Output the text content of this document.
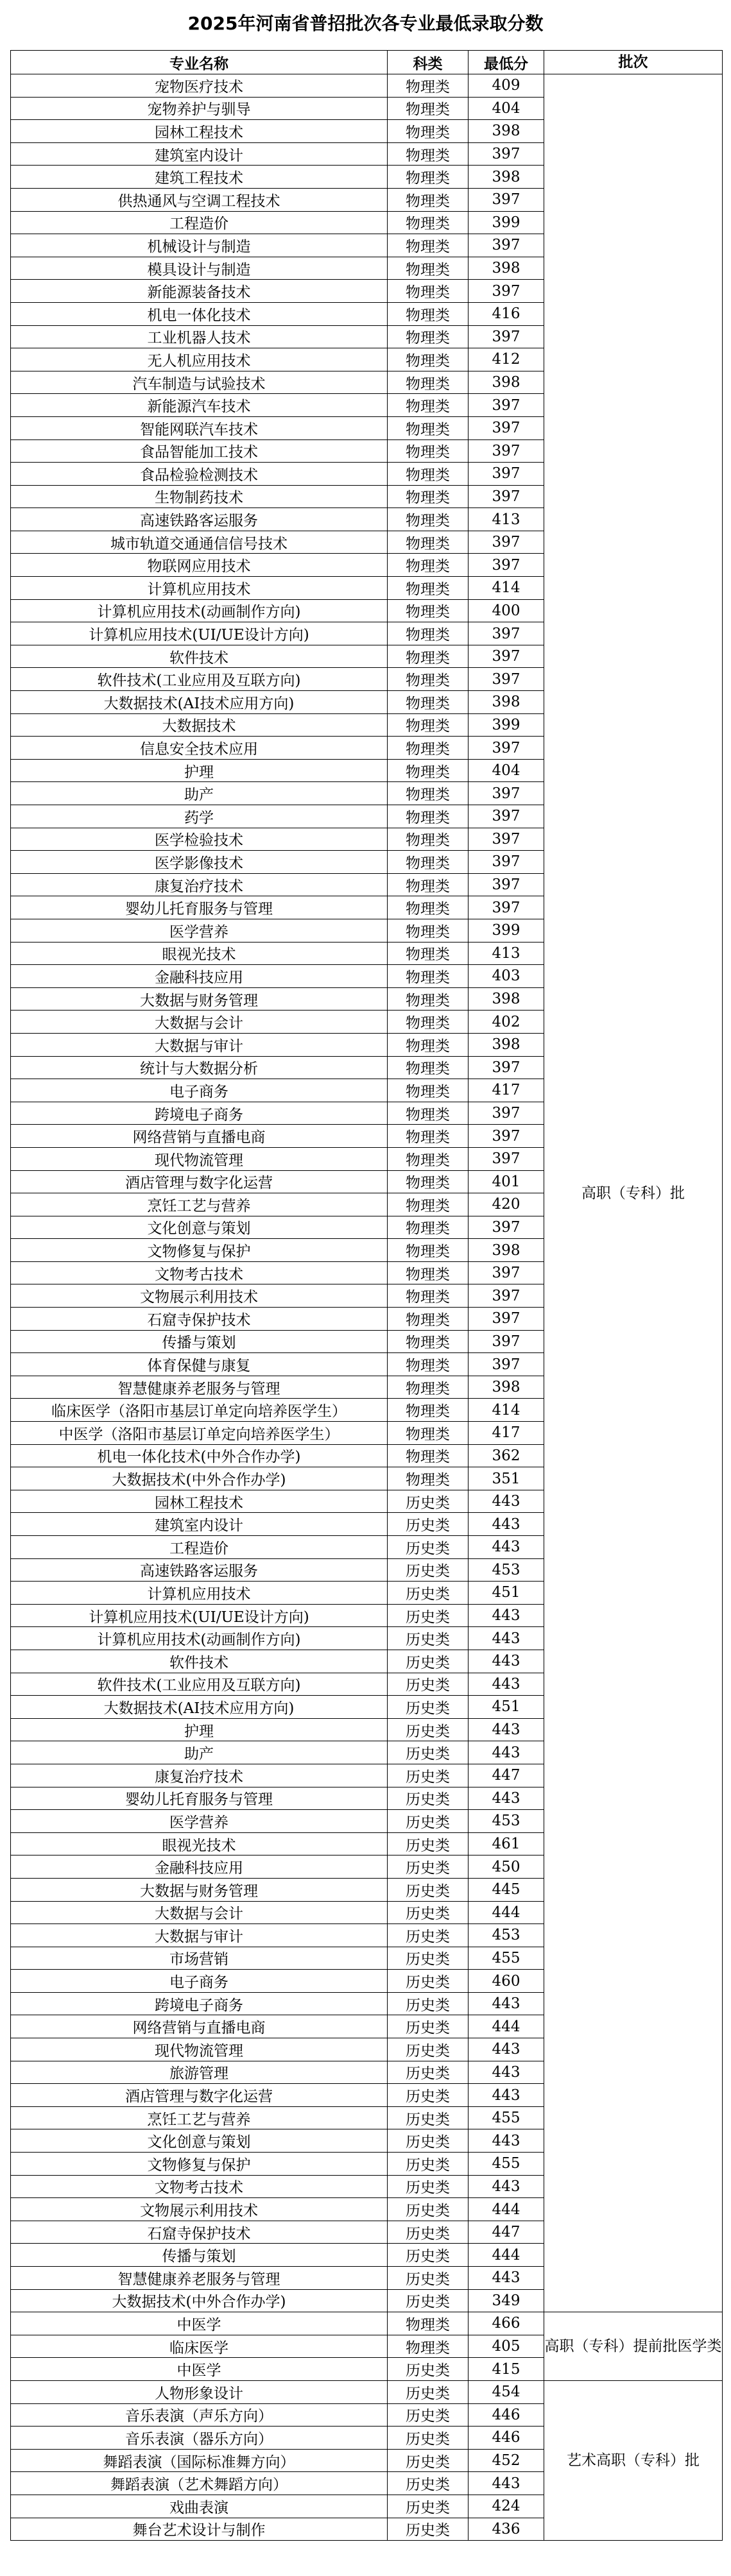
2025年河南省普招批次各专业最低录取分数
专业名称	科类	最低分	批次
宠物医疗技术	物理类	409	高职（专科）批
宠物养护与驯导	物理类	404	
园林工程技术	物理类	398	
建筑室内设计	物理类	397	
建筑工程技术	物理类	398	
供热通风与空调工程技术	物理类	397	
工程造价	物理类	399	
机械设计与制造	物理类	397	
模具设计与制造	物理类	398	
新能源装备技术	物理类	397	
机电一体化技术	物理类	416	
工业机器人技术	物理类	397	
无人机应用技术	物理类	412	
汽车制造与试验技术	物理类	398	
新能源汽车技术	物理类	397	
智能网联汽车技术	物理类	397	
食品智能加工技术	物理类	397	
食品检验检测技术	物理类	397	
生物制药技术	物理类	397	
高速铁路客运服务	物理类	413	
城市轨道交通通信信号技术	物理类	397	
物联网应用技术	物理类	397	
计算机应用技术	物理类	414	
计算机应用技术(动画制作方向)	物理类	400	
计算机应用技术(UI/UE设计方向)	物理类	397	
软件技术	物理类	397	
软件技术(工业应用及互联方向)	物理类	397	
大数据技术(AI技术应用方向)	物理类	398	
大数据技术	物理类	399	
信息安全技术应用	物理类	397	
护理	物理类	404	
助产	物理类	397	
药学	物理类	397	
医学检验技术	物理类	397	
医学影像技术	物理类	397	
康复治疗技术	物理类	397	
婴幼儿托育服务与管理	物理类	397	
医学营养	物理类	399	
眼视光技术	物理类	413	
金融科技应用	物理类	403	
大数据与财务管理	物理类	398	
大数据与会计	物理类	402	
大数据与审计	物理类	398	
统计与大数据分析	物理类	397	
电子商务	物理类	417	
跨境电子商务	物理类	397	
网络营销与直播电商	物理类	397	
现代物流管理	物理类	397	
酒店管理与数字化运营	物理类	401	
烹饪工艺与营养	物理类	420	
文化创意与策划	物理类	397	
文物修复与保护	物理类	398	
文物考古技术	物理类	397	
文物展示利用技术	物理类	397	
石窟寺保护技术	物理类	397	
传播与策划	物理类	397	
体育保健与康复	物理类	397	
智慧健康养老服务与管理	物理类	398	
临床医学（洛阳市基层订单定向培养医学生）	物理类	414	
中医学（洛阳市基层订单定向培养医学生）	物理类	417	
机电一体化技术(中外合作办学)	物理类	362	
大数据技术(中外合作办学)	物理类	351	
园林工程技术	历史类	443	
建筑室内设计	历史类	443	
工程造价	历史类	443	
高速铁路客运服务	历史类	453	
计算机应用技术	历史类	451	
计算机应用技术(UI/UE设计方向)	历史类	443	
计算机应用技术(动画制作方向)	历史类	443	
软件技术	历史类	443	
软件技术(工业应用及互联方向)	历史类	443	
大数据技术(AI技术应用方向)	历史类	451	
护理	历史类	443	
助产	历史类	443	
康复治疗技术	历史类	447	
婴幼儿托育服务与管理	历史类	443	
医学营养	历史类	453	
眼视光技术	历史类	461	
金融科技应用	历史类	450	
大数据与财务管理	历史类	445	
大数据与会计	历史类	444	
大数据与审计	历史类	453	
市场营销	历史类	455	
电子商务	历史类	460	
跨境电子商务	历史类	443	
网络营销与直播电商	历史类	444	
现代物流管理	历史类	443	
旅游管理	历史类	443	
酒店管理与数字化运营	历史类	443	
烹饪工艺与营养	历史类	455	
文化创意与策划	历史类	443	
文物修复与保护	历史类	455	
文物考古技术	历史类	443	
文物展示利用技术	历史类	444	
石窟寺保护技术	历史类	447	
传播与策划	历史类	444	
智慧健康养老服务与管理	历史类	443	
大数据技术(中外合作办学)	历史类	349	
中医学	物理类	466	高职（专科）提前批医学类
临床医学	物理类	405	
中医学	历史类	415	
人物形象设计	历史类	454	艺术高职（专科）批
音乐表演（声乐方向）	历史类	446	
音乐表演（器乐方向）	历史类	446	
舞蹈表演（国际标准舞方向）	历史类	452	
舞蹈表演（艺术舞蹈方向）	历史类	443	
戏曲表演	历史类	424	
舞台艺术设计与制作	历史类	436	
